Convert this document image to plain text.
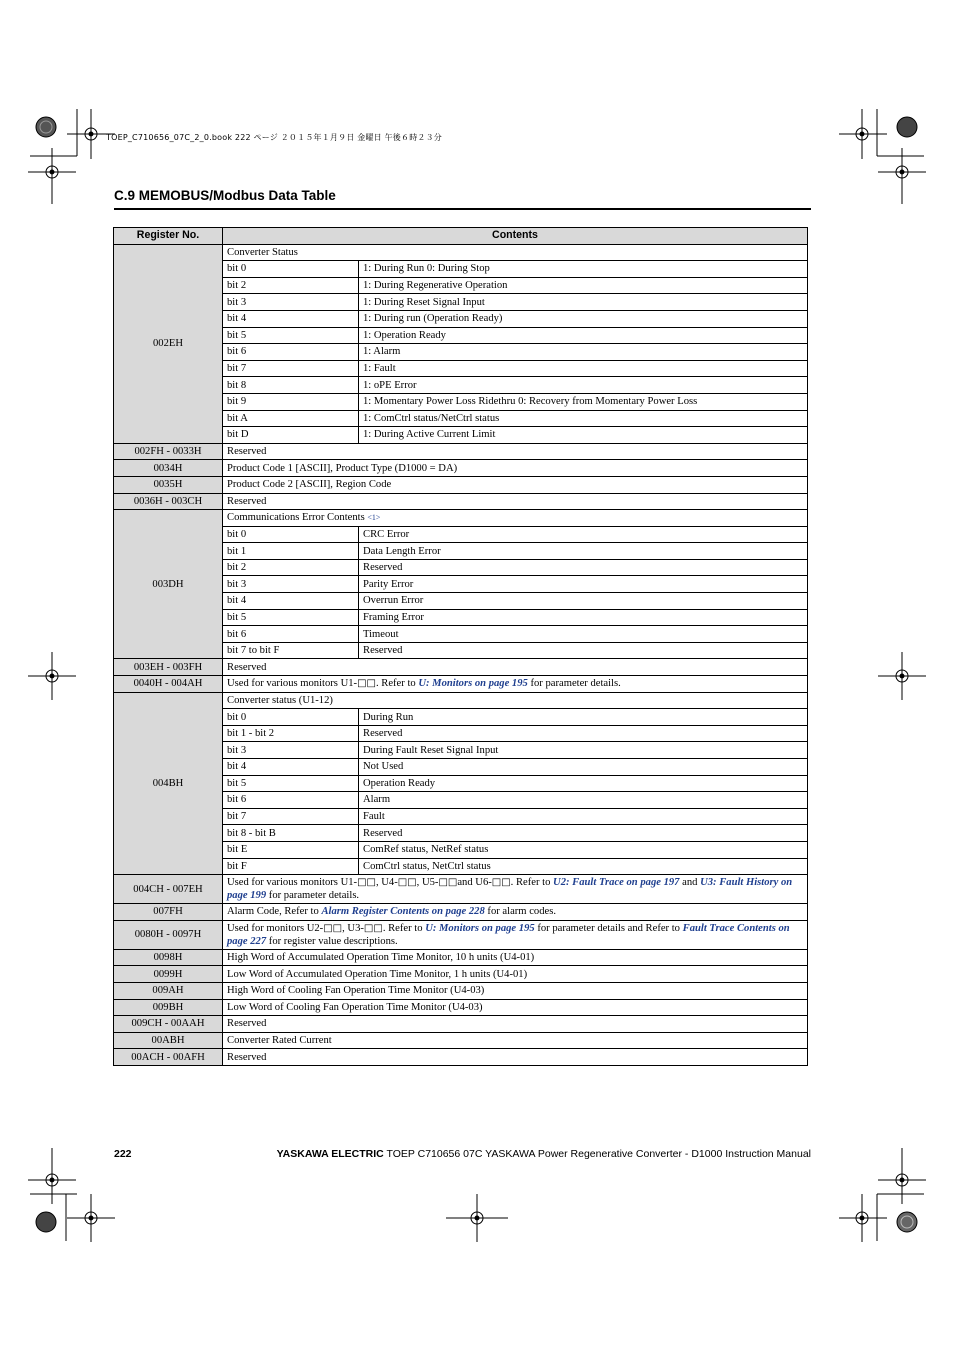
TOEP_C710656_07C_2_0.book 222 ページ ２０１５年１月９日 金曜日 午後６時２３分
C.9 MEMOBUS/Modbus Data Table
Register No.	Contents	
002EH	Converter Status	
	bit 0	1: During Run 0: During Stop
	bit 2	1: During Regenerative Operation
	bit 3	1: During Reset Signal Input
	bit 4	1: During run (Operation Ready)
	bit 5	1: Operation Ready
	bit 6	1: Alarm
	bit 7	1: Fault
	bit 8	1: oPE Error
	bit 9	1: Momentary Power Loss Ridethru 0: Recovery from Momentary Power Loss
	bit A	1: ComCtrl status/NetCtrl status
	bit D	1: During Active Current Limit
002FH - 0033H	Reserved	
0034H	Product Code 1 [ASCII], Product Type (D1000 = DA)	
0035H	Product Code 2 [ASCII], Region Code	
0036H - 003CH	Reserved	
003DH	Communications Error Contents <1>	
	bit 0	CRC Error
	bit 1	Data Length Error
	bit 2	Reserved
	bit 3	Parity Error
	bit 4	Overrun Error
	bit 5	Framing Error
	bit 6	Timeout
	bit 7 to bit F	Reserved
003EH - 003FH	Reserved	
0040H - 004AH	Used for various monitors U1-□□. Refer to U: Monitors on page 195 for parameter details.	
004BH	Converter status (U1-12)	
	bit 0	During Run
	bit 1 - bit 2	Reserved
	bit 3	During Fault Reset Signal Input
	bit 4	Not Used
	bit 5	Operation Ready
	bit 6	Alarm
	bit 7	Fault
	bit 8 - bit B	Reserved
	bit E	ComRef status, NetRef status
	bit F	ComCtrl status, NetCtrl status
004CH - 007EH	Used for various monitors U1-□□, U4-□□, U5-□□and U6-□□. Refer to U2: Fault Trace on page 197 and U3: Fault History on page 199 for parameter details.	
007FH	Alarm Code, Refer to Alarm Register Contents on page 228 for alarm codes.	
0080H - 0097H	Used for monitors U2-□□, U3-□□. Refer to U: Monitors on page 195 for parameter details and Refer to Fault Trace Contents on page 227 for register value descriptions.	
0098H	High Word of Accumulated Operation Time Monitor, 10 h units (U4-01)	
0099H	Low Word of Accumulated Operation Time Monitor, 1 h units (U4-01)	
009AH	High Word of Cooling Fan Operation Time Monitor (U4-03)	
009BH	Low Word of Cooling Fan Operation Time Monitor (U4-03)	
009CH - 00AAH	Reserved	
00ABH	Converter Rated Current	
00ACH - 00AFH	Reserved	
222	YASKAWA ELECTRIC TOEP C710656 07C YASKAWA Power Regenerative Converter - D1000 Instruction Manual
